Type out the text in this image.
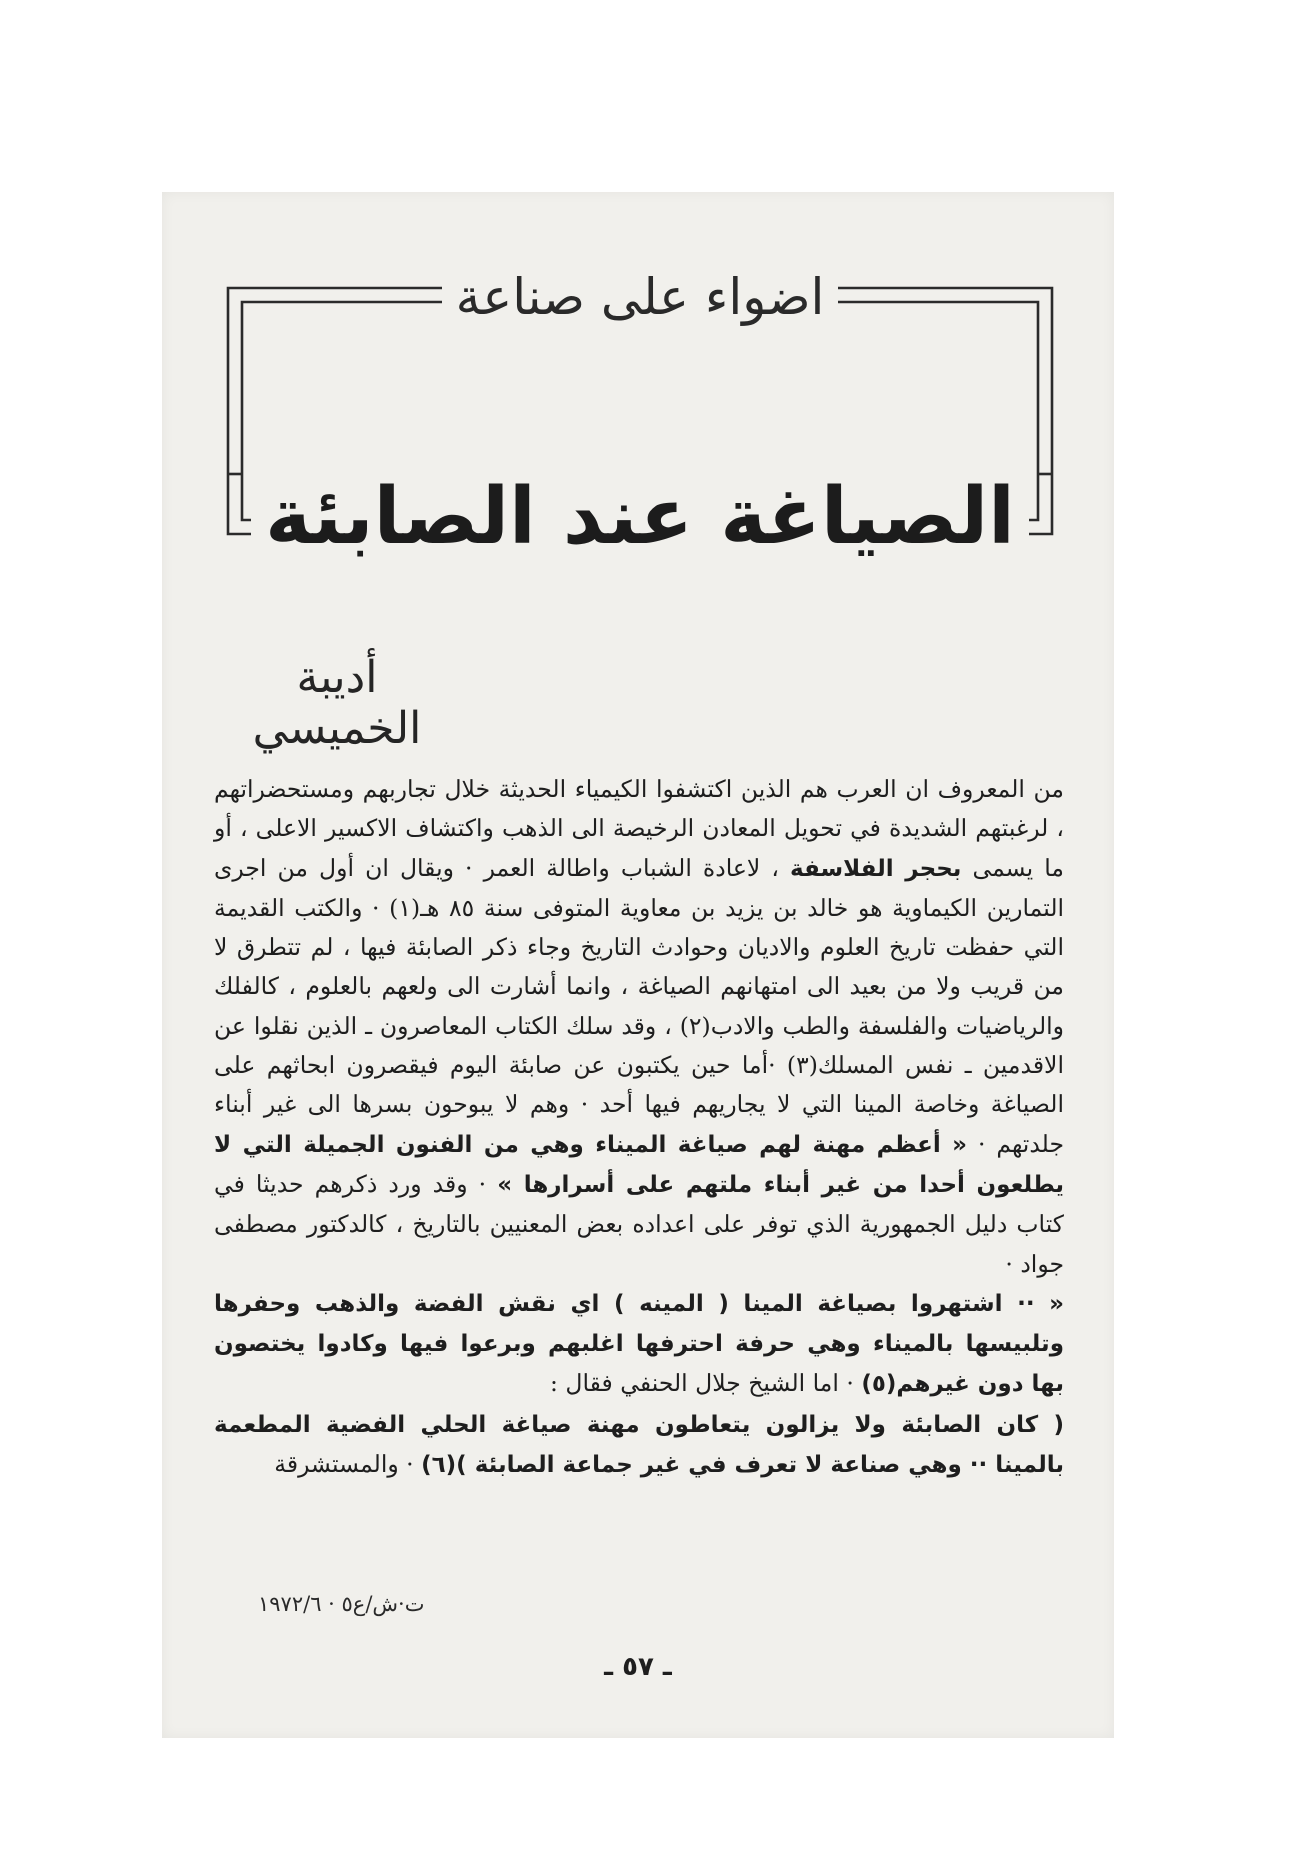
اضواء على صناعة
الصياغة عند الصابئة
أديبة الخميسي

من المعروف ان العرب هم الذين اكتشفوا الكيمياء الحديثة خلال تجاربهم ومستحضراتهم ، لرغبتهم الشديدة في تحويل المعادن الرخيصة الى الذهب واكتشاف الاكسير الاعلى ، أو ما يسمى بحجر الفلاسفة ، لاعادة الشباب واطالة العمر · ويقال ان أول من اجرى التمارين الكيماوية هو خالد بن يزيد بن معاوية المتوفى سنة ٨٥ هـ(١) · والكتب القديمة التي حفظت تاريخ العلوم والاديان وحوادث التاريخ وجاء ذكر الصابئة فيها ، لم تتطرق لا من قريب ولا من بعيد الى امتهانهم الصياغة ، وانما أشارت الى ولعهم بالعلوم ، كالفلك والرياضيات والفلسفة والطب والادب(٢) ، وقد سلك الكتاب المعاصرون ـ الذين نقلوا عن الاقدمين ـ نفس المسلك(٣) ·أما حين يكتبون عن صابئة اليوم فيقصرون ابحاثهم على الصياغة وخاصة المينا التي لا يجاريهم فيها أحد · وهم لا يبوحون بسرها الى غير أبناء جلدتهم · « أعظم مهنة لهم صياغة الميناء وهي من الفنون الجميلة التي لا يطلعون أحدا من غير أبناء ملتهم على أسرارها » · وقد ورد ذكرهم حديثا في كتاب دليل الجمهورية الذي توفر على اعداده بعض المعنيين بالتاريخ ، كالدكتور مصطفى جواد ·

« ·· اشتهروا بصياغة المينا ( المينه ) اي نقش الفضة والذهب وحفرها وتلبيسها بالميناء وهي حرفة احترفها اغلبهم وبرعوا فيها وكادوا يختصون بها دون غيرهم(٥) · اما الشيخ جلال الحنفي فقال :

( كان الصابئة ولا يزالون يتعاطون مهنة صياغة الحلي الفضية المطعمة بالمينا ·· وهي صناعة لا تعرف في غير جماعة الصابئة )(٦) · والمستشرقة

ت·ش/ع٥ · ١٩٧٢/٦
ـ ٥٧ ـ
